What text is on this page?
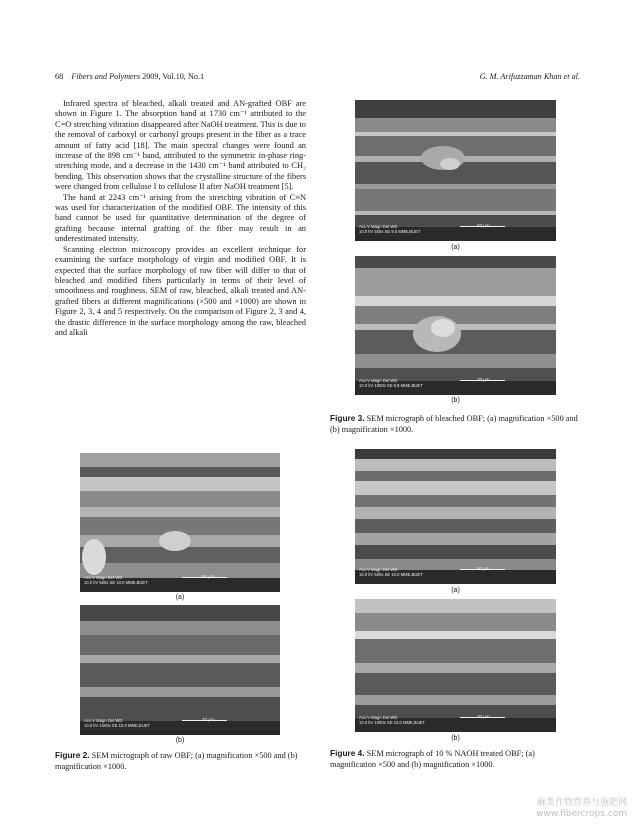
68 Fibers and Polymers 2009, Vol.10, No.1	G. M. Arifuzzaman Khan et al.

Infrared spectra of bleached, alkali treated and AN-grafted OBF are shown in Figure 1. The absorption band at 1730 cm⁻¹ attributed to the C=O stretching vibration disappeared after NaOH treatment. This is due to the removal of carboxyl or carbonyl groups present in the fiber as a trace amount of fatty acid [18]. The main spectral changes were found an increase of the 898 cm⁻¹ band, attributed to the symmetric in-phase ring-stretching mode, and a decrease in the 1430 cm⁻¹ band attributed to CH₂ bending. This observation shows that the crystalline structure of the fibers were changed from cellulose I to cellulose II after NaOH treatment [5].

The band at 2243 cm⁻¹ arising from the stretching vibration of C≡N was used for characterization of the modified OBF. The intensity of this band cannot be used for quantitative determination of the degree of grafting because internal grafting of the fiber may result in an underestimated intensity.

Scanning electron microscopy provides an excellent technique for examining the surface morphology of virgin and modified OBF. It is expected that the surface morphology of raw fiber will differ to that of bleached and modified fibers particularly in terms of their level of smoothness and roughness. SEM of raw, bleached, alkali treated and AN-grafted fibers at different magnifications (×500 and ×1000) are shown in Figure 2, 3, 4 and 5 respectively. On the comparison of Figure 2, 3 and 4, the drastic difference in the surface morphology among the raw, bleached and alkali

Acc.V Magn Det WD
10.0 kV 500x SE 9.8 MME,BUET
50 µm
(a)
Acc.V Magn Det WD
10.0 kV 1000x SE 9.8 MME,BUET
20 µm
(b)
Figure 3. SEM micrograph of bleached OBF; (a) magnification ×500 and (b) magnification ×1000.
Acc.V Magn Det WD
10.0 kV 500x SE 10.0 MME,BUET
50 µm
(a)
Acc.V Magn Det WD
10.0 kV 1000x SE 10.0 MME,BUET
20 µm
(b)
Figure 2. SEM micrograph of raw OBF; (a) magnification ×500 and (b) magnification ×1000.
Acc.V Magn Det WD
10.0 kV 500x SE 10.0 MME,BUET
50 µm
(a)
Acc.V Magn Det WD
10.0 kV 1000x SE 10.0 MME,BUET
20 µm
(b)
Figure 4. SEM micrograph of 10 % NAOH treated OBF; (a) magnification ×500 and (b) magnification ×1000.
麻类作物营养与施肥网
www.fibercrops.com
